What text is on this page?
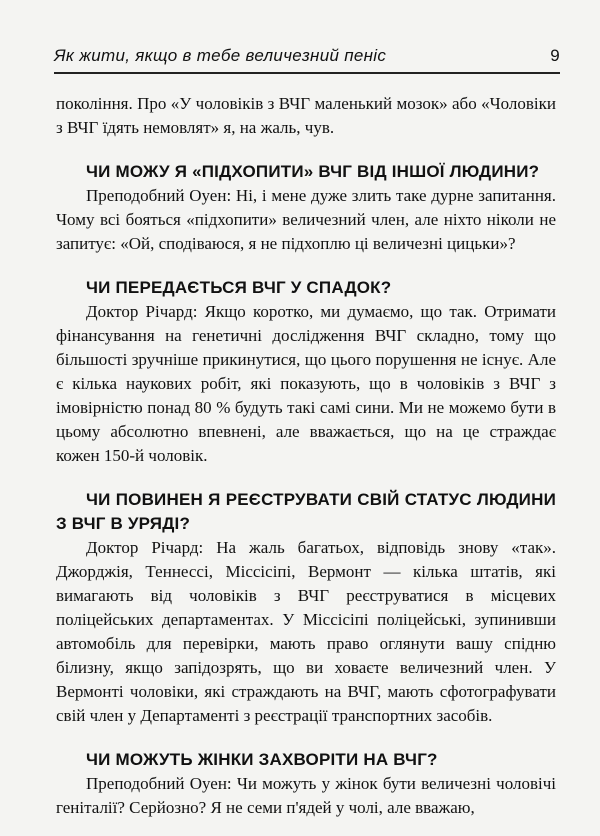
Як жити, якщо в тебе величезний пеніс	9

покоління. Про «У чоловіків з ВЧГ маленький мозок» або «Чоловіки з ВЧГ їдять немовлят» я, на жаль, чув.

ЧИ МОЖУ Я «ПІДХОПИТИ» ВЧГ ВІД ІНШОЇ ЛЮДИНИ?

Преподобний Оуен: Ні, і мене дуже злить таке дурне запитання. Чому всі бояться «підхопити» величезний член, але ніхто ніколи не запитує: «Ой, сподіваюся, я не підхоплю ці величезні цицьки»?

ЧИ ПЕРЕДАЄТЬСЯ ВЧГ У СПАДОК?

Доктор Річард: Якщо коротко, ми думаємо, що так. Отримати фінансування на генетичні дослідження ВЧГ складно, тому що більшості зручніше прикинутися, що цього порушення не існує. Але є кілька наукових робіт, які показують, що в чоловіків з ВЧГ з імовірністю понад 80 % будуть такі самі сини. Ми не можемо бути в цьому абсолютно впевнені, але вважається, що на це страждає кожен 150-й чоловік.

ЧИ ПОВИНЕН Я РЕЄСТРУВАТИ СВІЙ СТАТУС ЛЮДИНИ З ВЧГ В УРЯДІ?

Доктор Річард: На жаль багатьох, відповідь знову «так». Джорджія, Теннессі, Міссісіпі, Вермонт — кілька штатів, які вимагають від чоловіків з ВЧГ реєструватися в місцевих поліцейських департаментах. У Міссісіпі поліцейські, зупинивши автомобіль для перевірки, мають право оглянути вашу спідню білизну, якщо запідозрять, що ви ховаєте величезний член. У Вермонті чоловіки, які страждають на ВЧГ, мають сфотографувати свій член у Департаменті з реєстрації транспортних засобів.

ЧИ МОЖУТЬ ЖІНКИ ЗАХВОРІТИ НА ВЧГ?

Преподобний Оуен: Чи можуть у жінок бути величезні чоловічі геніталії? Серйозно? Я не семи п'ядей у чолі, але вважаю,
